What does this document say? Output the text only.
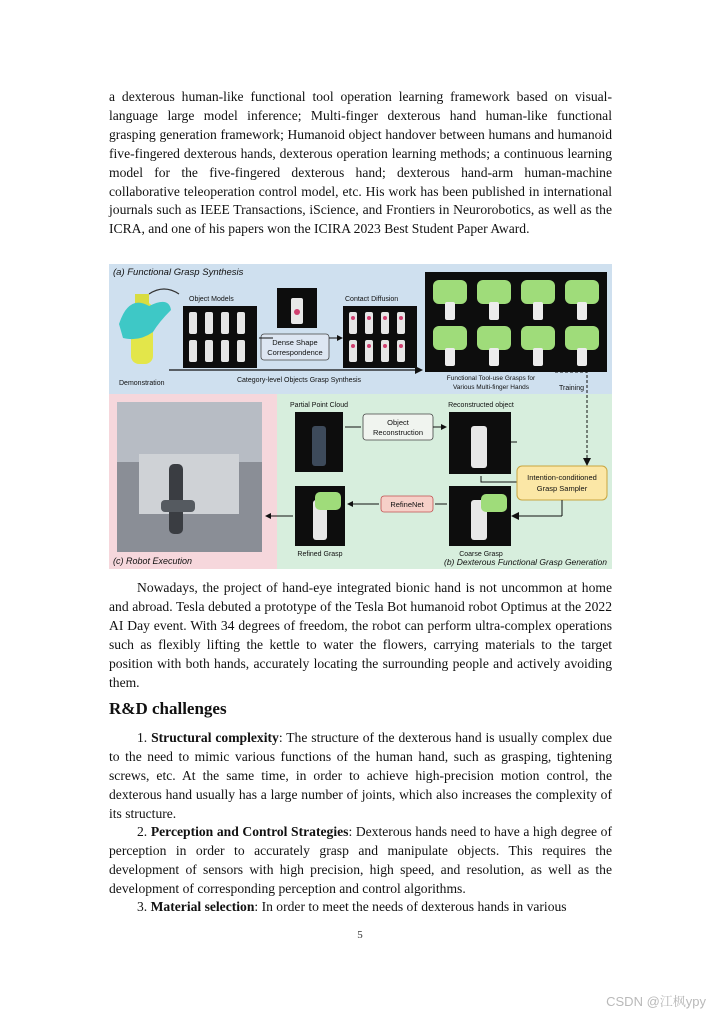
a dexterous human-like functional tool operation learning framework based on visual-language large model inference; Multi-finger dexterous hand human-like functional grasping generation framework; Humanoid object handover between humans and humanoid five-fingered dexterous hands, dexterous operation learning methods; a continuous learning model for the five-fingered dexterous hand; dexterous hand-arm human-machine collaborative teleoperation control model, etc. His work has been published in international journals such as IEEE Transactions, iScience, and Frontiers in Neurorobotics, as well as the ICRA, and one of his papers won the ICIRA 2023 Best Student Paper Award.

(a) Functional Grasp Synthesis
Demonstration
Object Models
Dense Shape
Correspondence
Contact Diffusion
Functional Tool-use Grasps for
Various Multi-finger Hands	Training
Category-level Objects Grasp Synthesis
(c) Robot Execution
Partial Point Cloud
Object
Reconstruction
Reconstructed object
Intention-conditioned
Grasp Sampler
Coarse Grasp
RefineNet
Refined Grasp
(b) Dexterous Functional Grasp Generation

Nowadays, the project of hand-eye integrated bionic hand is not uncommon at home and abroad. Tesla debuted a prototype of the Tesla Bot humanoid robot Optimus at the 2022 AI Day event. With 34 degrees of freedom, the robot can perform ultra-complex operations such as flexibly lifting the kettle to water the flowers, carrying materials to the target position with both hands, accurately locating the surrounding people and actively avoiding them.

R&D challenges

1. Structural complexity: The structure of the dexterous hand is usually complex due to the need to mimic various functions of the human hand, such as grasping, tightening screws, etc. At the same time, in order to achieve high-precision motion control, the dexterous hand usually has a large number of joints, which also increases the complexity of its structure.

2. Perception and Control Strategies: Dexterous hands need to have a high degree of perception in order to accurately grasp and manipulate objects. This requires the development of sensors with high precision, high speed, and resolution, as well as the development of corresponding perception and control algorithms.

3. Material selection: In order to meet the needs of dexterous hands in various

5
CSDN @江枫ypy
